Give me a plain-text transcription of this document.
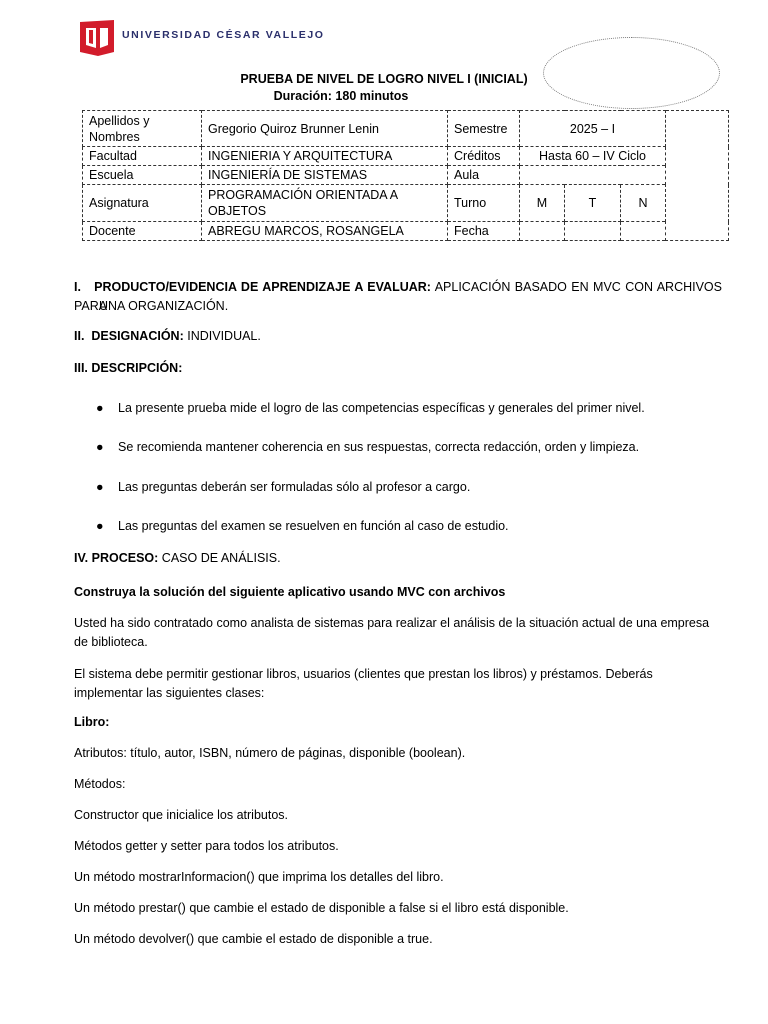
UNIVERSIDAD CÉSAR VALLEJO
PRUEBA DE NIVEL DE LOGRO NIVEL I (INICIAL)
Duración: 180 minutos
Apellidos y Nombres	Gregorio Quiroz Brunner Lenin	Semestre	2025 – I			
Facultad	INGENIERIA Y ARQUITECTURA	Créditos	Hasta 60 – IV Ciclo			
Escuela	INGENIERÍA DE SISTEMAS	Aula				
Asignatura	PROGRAMACIÓN ORIENTADA A OBJETOS	Turno	M	T	N	
Docente	ABREGU MARCOS, ROSANGELA	Fecha				
I. PRODUCTO/EVIDENCIA DE APRENDIZAJE A EVALUAR: APLICACIÓN BASADO EN MVC CON ARCHIVOS PARA
UNA ORGANIZACIÓN.
II. DESIGNACIÓN: INDIVIDUAL.
III. DESCRIPCIÓN:
●	La presente prueba mide el logro de las competencias específicas y generales del primer nivel.
●	Se recomienda mantener coherencia en sus respuestas, correcta redacción, orden y limpieza.
●	Las preguntas deberán ser formuladas sólo al profesor a cargo.
●	Las preguntas del examen se resuelven en función al caso de estudio.
IV. PROCESO: CASO DE ANÁLISIS.

Construya la solución del siguiente aplicativo usando MVC con archivos

Usted ha sido contratado como analista de sistemas para realizar el análisis de la situación actual de una empresa de biblioteca.

El sistema debe permitir gestionar libros, usuarios (clientes que prestan los libros) y préstamos. Deberás implementar las siguientes clases:

Libro:

Atributos: título, autor, ISBN, número de páginas, disponible (boolean).

Métodos:

Constructor que inicialice los atributos.

Métodos getter y setter para todos los atributos.

Un método mostrarInformacion() que imprima los detalles del libro.

Un método prestar() que cambie el estado de disponible a false si el libro está disponible.

Un método devolver() que cambie el estado de disponible a true.
